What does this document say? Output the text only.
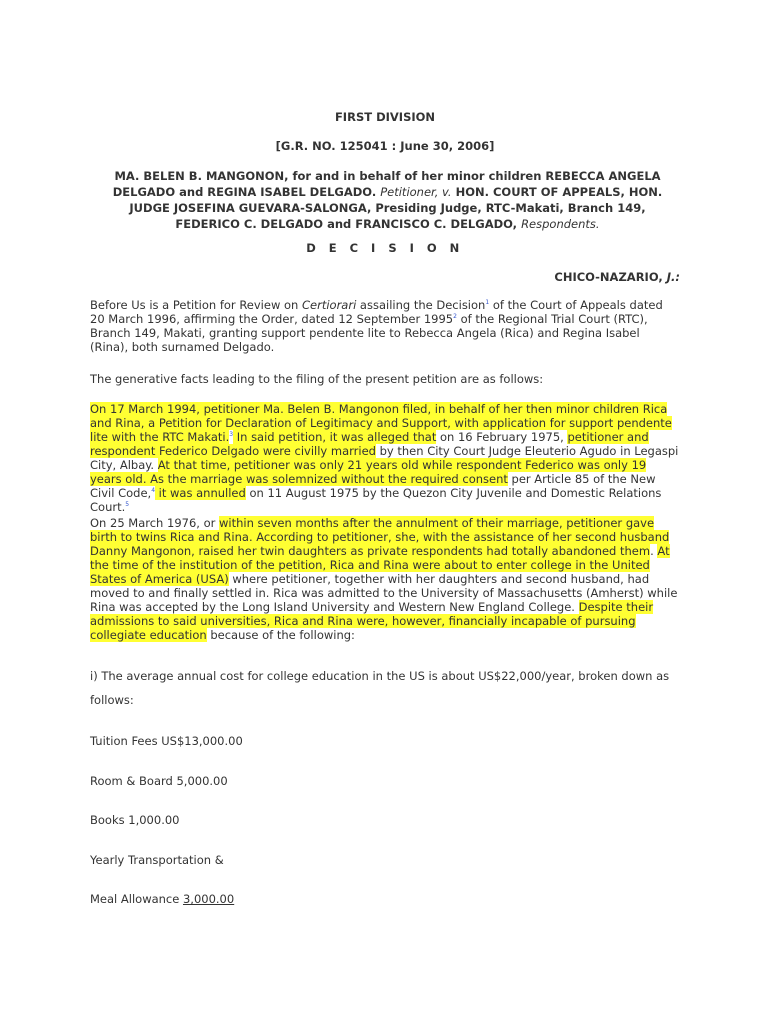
FIRST DIVISION
[G.R. NO. 125041 : June 30, 2006]
MA. BELEN B. MANGONON, for and in behalf of her minor children REBECCA ANGELA DELGADO and REGINA ISABEL DELGADO. Petitioner, v. HON. COURT OF APPEALS, HON. JUDGE JOSEFINA GUEVARA-SALONGA, Presiding Judge, RTC-Makati, Branch 149, FEDERICO C. DELGADO and FRANCISCO C. DELGADO, Respondents.
D E C I S I O N
CHICO-NAZARIO, J.:

Before Us is a Petition for Review on Certiorari assailing the Decision$^1$ of the Court of Appeals dated 20 March 1996, affirming the Order, dated 12 September 1995$^2$ of the Regional Trial Court (RTC), Branch 149, Makati, granting support pendente lite to Rebecca Angela (Rica) and Regina Isabel (Rina), both surnamed Delgado.

The generative facts leading to the filing of the present petition are as follows:

On 17 March 1994, petitioner Ma. Belen B. Mangonon filed, in behalf of her then minor children Rica and Rina, a Petition for Declaration of Legitimacy and Support, with application for support pendente lite with the RTC Makati.$^3$ In said petition, it was alleged that on 16 February 1975, petitioner and respondent Federico Delgado were civilly married by then City Court Judge Eleuterio Agudo in Legaspi City, Albay. At that time, petitioner was only 21 years old while respondent Federico was only 19 years old. As the marriage was solemnized without the required consent per Article 85 of the New Civil Code,$^4$ it was annulled on 11 August 1975 by the Quezon City Juvenile and Domestic Relations Court.$^5$

On 25 March 1976, or within seven months after the annulment of their marriage, petitioner gave birth to twins Rica and Rina. According to petitioner, she, with the assistance of her second husband Danny Mangonon, raised her twin daughters as private respondents had totally abandoned them. At the time of the institution of the petition, Rica and Rina were about to enter college in the United States of America (USA) where petitioner, together with her daughters and second husband, had moved to and finally settled in. Rica was admitted to the University of Massachusetts (Amherst) while Rina was accepted by the Long Island University and Western New England College. Despite their admissions to said universities, Rica and Rina were, however, financially incapable of pursuing collegiate education because of the following:

i) The average annual cost for college education in the US is about US$22,000/year, broken down as follows:

Tuition Fees US$13,000.00
Room & Board 5,000.00
Books 1,000.00
Yearly Transportation &
Meal Allowance 3,000.00
